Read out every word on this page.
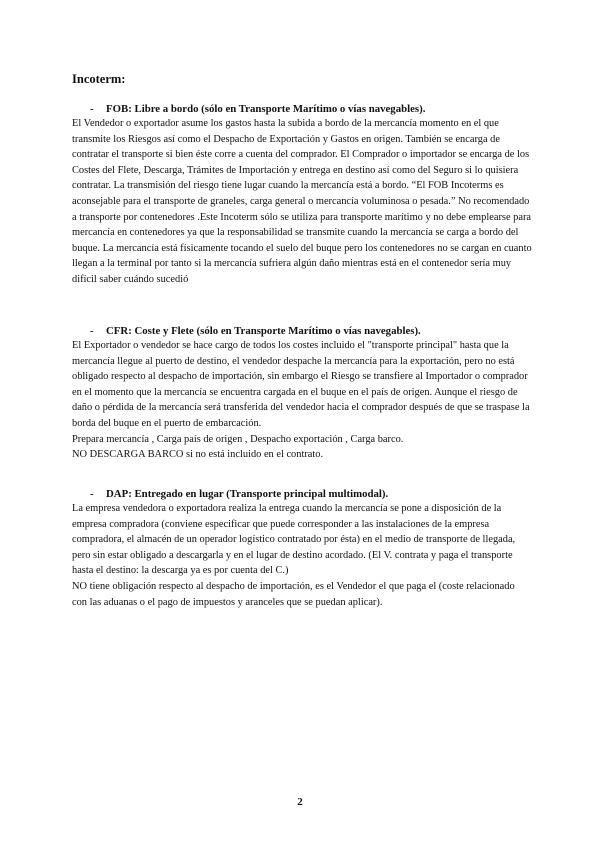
Incoterm:

- FOB: Libre a bordo (sólo en Transporte Marítimo o vías navegables).

El Vendedor o exportador asume los gastos hasta la subida a bordo de la mercancía momento en el que transmite los Riesgos así como el Despacho de Exportación y Gastos en origen. También se encarga de contratar el transporte si bien éste corre a cuenta del comprador. El Comprador o importador se encarga de los Costes del Flete, Descarga, Trámites de Importación y entrega en destino así como del Seguro si lo quisiera contratar. La transmisión del riesgo tiene lugar cuando la mercancía está a bordo. “El FOB Incoterms es aconsejable para el transporte de graneles, carga general o mercancía voluminosa o pesada.” No recomendado a transporte por contenedores .Este Incoterm sólo se utiliza para transporte marítimo y no debe emplearse para mercancía en contenedores ya que la responsabilidad se transmite cuando la mercancía se carga a bordo del buque. La mercancía está físicamente tocando el suelo del buque pero los contenedores no se cargan en cuanto llegan a la terminal por tanto si la mercancía sufriera algún daño mientras está en el contenedor sería muy difícil saber cuándo sucedió

- CFR: Coste y Flete (sólo en Transporte Marítimo o vías navegables).

El Exportador o vendedor se hace cargo de todos los costes incluido el "transporte principal" hasta que la mercancía llegue al puerto de destino, el vendedor despache la mercancía para la exportación, pero no está obligado respecto al despacho de importación, sin embargo el Riesgo se transfiere al Importador o comprador en el momento que la mercancía se encuentra cargada en el buque en el país de origen. Aunque el riesgo de daño o pérdida de la mercancía será transferida del vendedor hacia el comprador después de que se traspase la borda del buque en el puerto de embarcación.

Prepara mercancía , Carga país de origen , Despacho exportación , Carga barco.

NO DESCARGA BARCO si no está incluido en el contrato.

- DAP: Entregado en lugar (Transporte principal multimodal).

La empresa vendedora o exportadora realiza la entrega cuando la mercancía se pone a disposición de la empresa compradora (conviene especificar que puede corresponder a las instalaciones de la empresa compradora, el almacén de un operador logístico contratado por ésta) en el medio de transporte de llegada, pero sin estar obligado a descargarla y en el lugar de destino acordado. (El V. contrata y paga el transporte hasta el destino: la descarga ya es por cuenta del C.)

NO tiene obligación respecto al despacho de importación, es el Vendedor el que paga el (coste relacionado con las aduanas o el pago de impuestos y aranceles que se puedan aplicar).

2
